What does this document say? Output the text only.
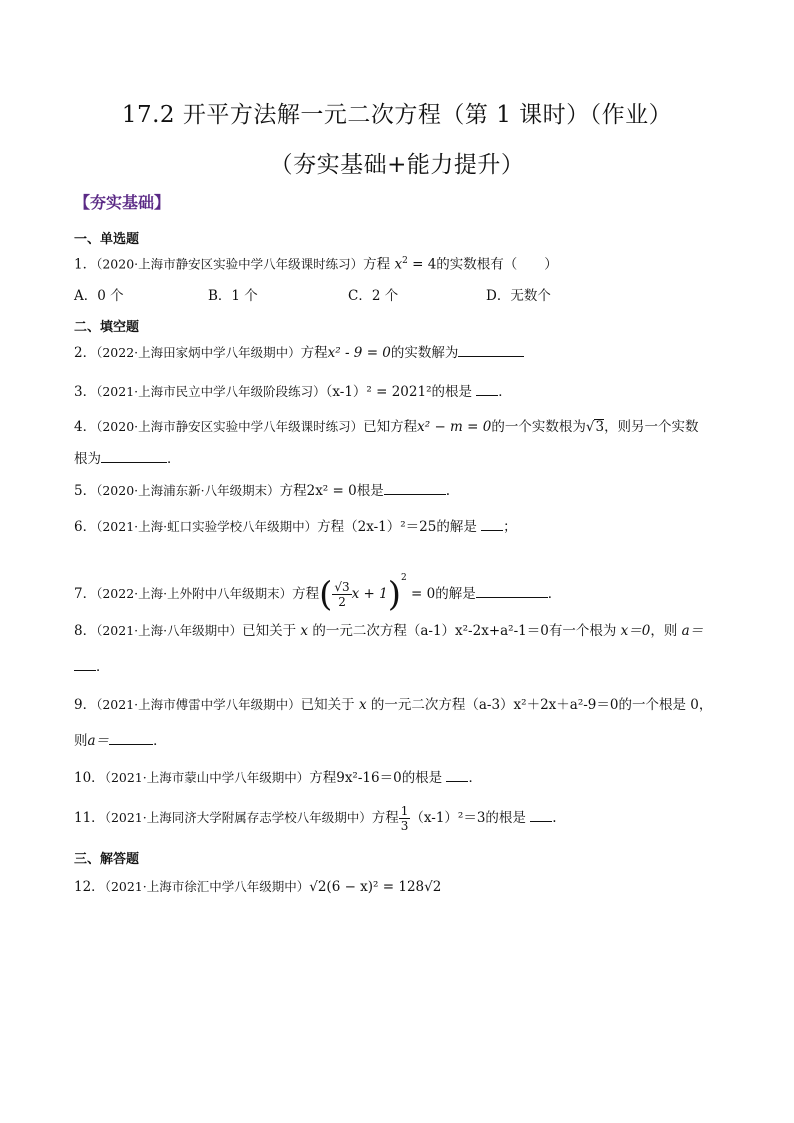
17.2 开平方法解一元二次方程（第 1 课时）（作业）
（夯实基础+能力提升）
【夯实基础】
一、单选题
1．（2020·上海市静安区实验中学八年级课时练习）方程 $x^2 = 4$的实数根有（　　）
A．0 个	B．1 个	C．2 个	D．无数个
二、填空题
2．（2022·上海田家炳中学八年级期中）方程x² - 9 = 0的实数解为
3．（2021·上海市民立中学八年级阶段练习）（x-1）² = 2021²的根是 ．
4．（2020·上海市静安区实验中学八年级课时练习）已知方程x² − m = 0的一个实数根为√3，则另一个实数
根为	．
5．（2020·上海浦东新·八年级期末）方程2x² = 0根是	.
6．（2021·上海·虹口实验学校八年级期中）方程（2x-1）²＝25的解是 ；
7．（2022·上海·上外附中八年级期末）方程( $\frac{√3}{2}$ x + 1)$^2$ = 0的解是	．
8．（2021·上海·八年级期中）已知关于 x 的一元二次方程（a-1）x²-2x+a²-1＝0有一个根为 x＝0，则 a＝
．
9．（2021·上海市傅雷中学八年级期中）已知关于 x 的一元二次方程（a-3）x²＋2x＋a²-9＝0的一个根是 0，
则a＝	．
10．（2021·上海市蒙山中学八年级期中）方程9x²-16＝0的根是 ．
11．（2021·上海同济大学附属存志学校八年级期中）方程 $\frac{1}{3} (x-1)^2=3$的根是 .
三、解答题
12．（2021·上海市徐汇中学八年级期中）√2(6 − x)² = 128√2
